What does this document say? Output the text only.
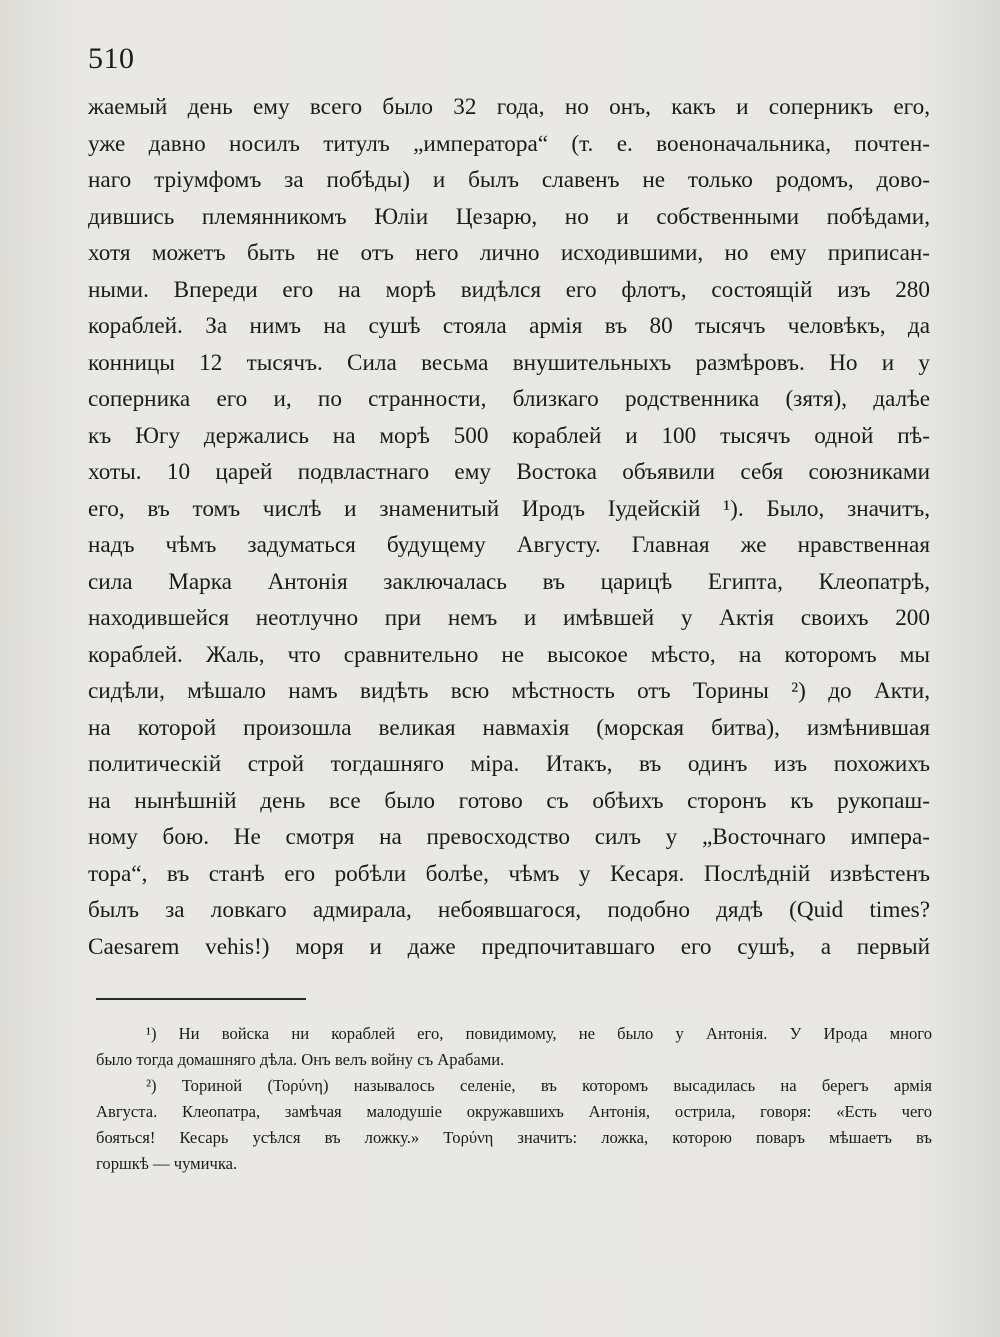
510
жаемый день ему всего было 32 года, но онъ, какъ и соперникъ его,
уже давно носилъ титулъ „императора“ (т. е. военоначальника, почтен-
наго тріумфомъ за побѣды) и былъ славенъ не только родомъ, дово-
дившись племянникомъ Юліи Цезарю, но и собственными побѣдами,
хотя можетъ быть не отъ него лично исходившими, но ему приписан-
ными. Впереди его на морѣ видѣлся его флотъ, состоящій изъ 280
кораблей. За нимъ на сушѣ стояла армія въ 80 тысячъ человѣкъ, да
конницы 12 тысячъ. Сила весьма внушительныхъ размѣровъ. Но и у
соперника его и, по странности, близкаго родственника (зятя), далѣе
къ Югу держались на морѣ 500 кораблей и 100 тысячъ одной пѣ-
хоты. 10 царей подвластнаго ему Востока объявили себя союзниками
его, въ томъ числѣ и знаменитый Иродъ Іудейскій ¹). Было, значитъ,
надъ чѣмъ задуматься будущему Августу. Главная же нравственная
сила Марка Антонія заключалась въ царицѣ Египта, Клеопатрѣ,
находившейся неотлучно при немъ и имѣвшей у Актія своихъ 200
кораблей. Жаль, что сравнительно не высокое мѣсто, на которомъ мы
сидѣли, мѣшало намъ видѣть всю мѣстность отъ Торины ²) до Акти,
на которой произошла великая навмахія (морская битва), измѣнившая
политическій строй тогдашняго міра. Итакъ, въ одинъ изъ похожихъ
на нынѣшній день все было готово съ обѣихъ сторонъ къ рукопаш-
ному бою. Не смотря на превосходство силъ у „Восточнаго импера-
тора“, въ станѣ его робѣли болѣе, чѣмъ у Кесаря. Послѣдній извѣстенъ
былъ за ловкаго адмирала, небоявшагося, подобно дядѣ (Quid times?
Caesarem vehis!) моря и даже предпочитавшаго его сушѣ, а первый
¹) Ни войска ни кораблей его, повидимому, не было у Антонія. У Ирода много
было тогда домашняго дѣла. Онъ велъ войну съ Арабами.
²) Ториной (Τορύνη) называлось селеніе, въ которомъ высадилась на берегъ армія
Августа. Клеопатра, замѣчая малодушіе окружавшихъ Антонія, острила, говоря: «Есть чего
бояться! Кесарь усѣлся въ ложку.» Τορύνη значитъ: ложка, которою поваръ мѣшаетъ въ
горшкѣ — чумичка.
